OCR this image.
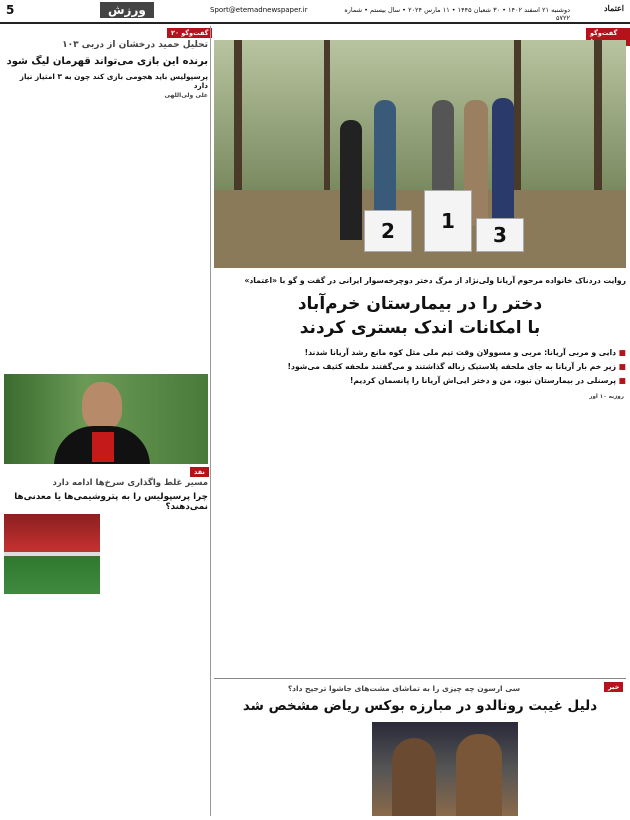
5	ورزش	Sport@etemadnewspaper.ir	دوشنبه ۲۱ اسفند ۱۴۰۲ • ۳۰ شعبان ۱۴۴۵ • ۱۱ مارس ۲۰۲۴ • سال بیستم • شماره ۵۷۲۲
اعتماد
گفت‌وگو ۲۰
تحلیل حمید درخشان از دربی ۱۰۳
برنده این بازی می‌تواند قهرمان لیگ شود
پرسپولیس باید هجومی بازی کند چون به ۳ امتیاز نیاز دارد
علی ولی‌اللهی
نقد
مسیر غلط واگذاری سرخ‌ها ادامه دارد
چرا پرسپولیس را به پتروشیمی‌ها یا معدنی‌ها نمی‌دهند؟
گفت‌وگو
2	1
3
روایت دردناک خانواده مرحوم آریانا ولی‌نژاد از مرگ دختر دوچرخه‌سوار ایرانی در گفت و گو با «اعتماد»
دختر را در بیمارستان خرم‌آباد
با امکانات اندک بستری کردند
■ دایی و مربی آریانا: مربی و مسوولان وقت تیم ملی مثل کوه مانع رشد آریانا شدند!
■ زیر خم بار آریانا به جای ملحفه پلاستیک زباله گذاشتند و می‌گفتند ملحفه کثیف می‌شود!
■ پرسنلی در بیمارستان نبود، من و دختر ایی‌اش آریانا را پانسمان کردیم!
روزبه ۱۰ اور
خبر
سی ارسون چه چیزی را به تماشای مشت‌های جاشوا ترجیح داد؟
دلیل غیبت رونالدو در مبارزه بوکس ریاض مشخص شد
